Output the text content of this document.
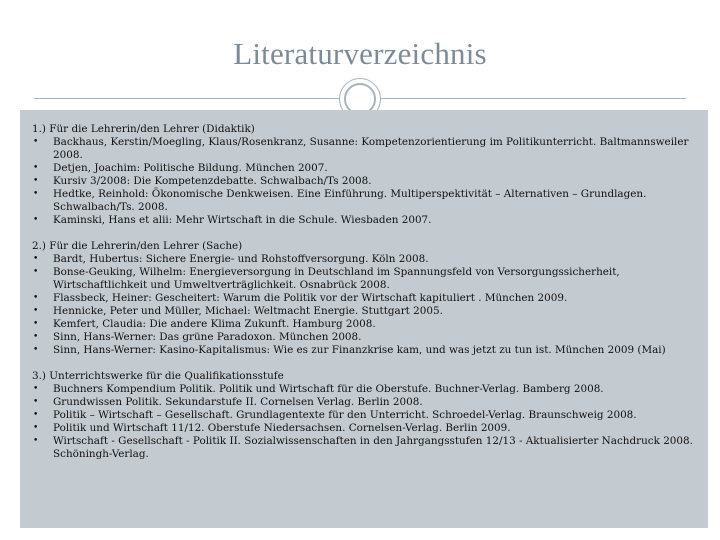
Literaturverzeichnis
1.) Für die Lehrerin/den Lehrer (Didaktik)
• Backhaus, Kerstin/Moegling, Klaus/Rosenkranz, Susanne: Kompetenzorientierung im Politikunterricht. Baltmannsweiler 2008.
• Detjen, Joachim: Politische Bildung. München 2007.
• Kursiv 3/2008: Die Kompetenzdebatte. Schwalbach/Ts 2008.
• Hedtke, Reinhold: Ökonomische Denkweisen. Eine Einführung. Multiperspektivität – Alternativen – Grundlagen. Schwalbach/Ts. 2008.
• Kaminski, Hans et alii: Mehr Wirtschaft in die Schule. Wiesbaden 2007.
2.) Für die Lehrerin/den Lehrer (Sache)
• Bardt, Hubertus: Sichere Energie- und Rohstoffversorgung. Köln 2008.
• Bonse-Geuking, Wilhelm: Energieversorgung in Deutschland im Spannungsfeld von Versorgungssicherheit, Wirtschaftlichkeit und Umweltverträglichkeit. Osnabrück 2008.
• Flassbeck, Heiner: Gescheitert: Warum die Politik vor der Wirtschaft kapituliert . München 2009.
• Hennicke, Peter und Müller, Michael: Weltmacht Energie. Stuttgart 2005.
• Kemfert, Claudia: Die andere Klima Zukunft. Hamburg 2008.
• Sinn, Hans-Werner: Das grüne Paradoxon. München 2008.
• Sinn, Hans-Werner: Kasino-Kapitalismus: Wie es zur Finanzkrise kam, und was jetzt zu tun ist. München 2009 (Mai)
3.) Unterrichtswerke für die Qualifikationsstufe
• Buchners Kompendium Politik. Politik und Wirtschaft für die Oberstufe. Buchner-Verlag. Bamberg 2008.
• Grundwissen Politik. Sekundarstufe II. Cornelsen Verlag. Berlin 2008.
• Politik – Wirtschaft – Gesellschaft. Grundlagentexte für den Unterricht. Schroedel-Verlag. Braunschweig 2008.
• Politik und Wirtschaft 11/12. Oberstufe Niedersachsen. Cornelsen-Verlag. Berlin 2009.
• Wirtschaft - Gesellschaft - Politik II. Sozialwissenschaften in den Jahrgangsstufen 12/13 - Aktualisierter Nachdruck 2008. Schöningh-Verlag.
